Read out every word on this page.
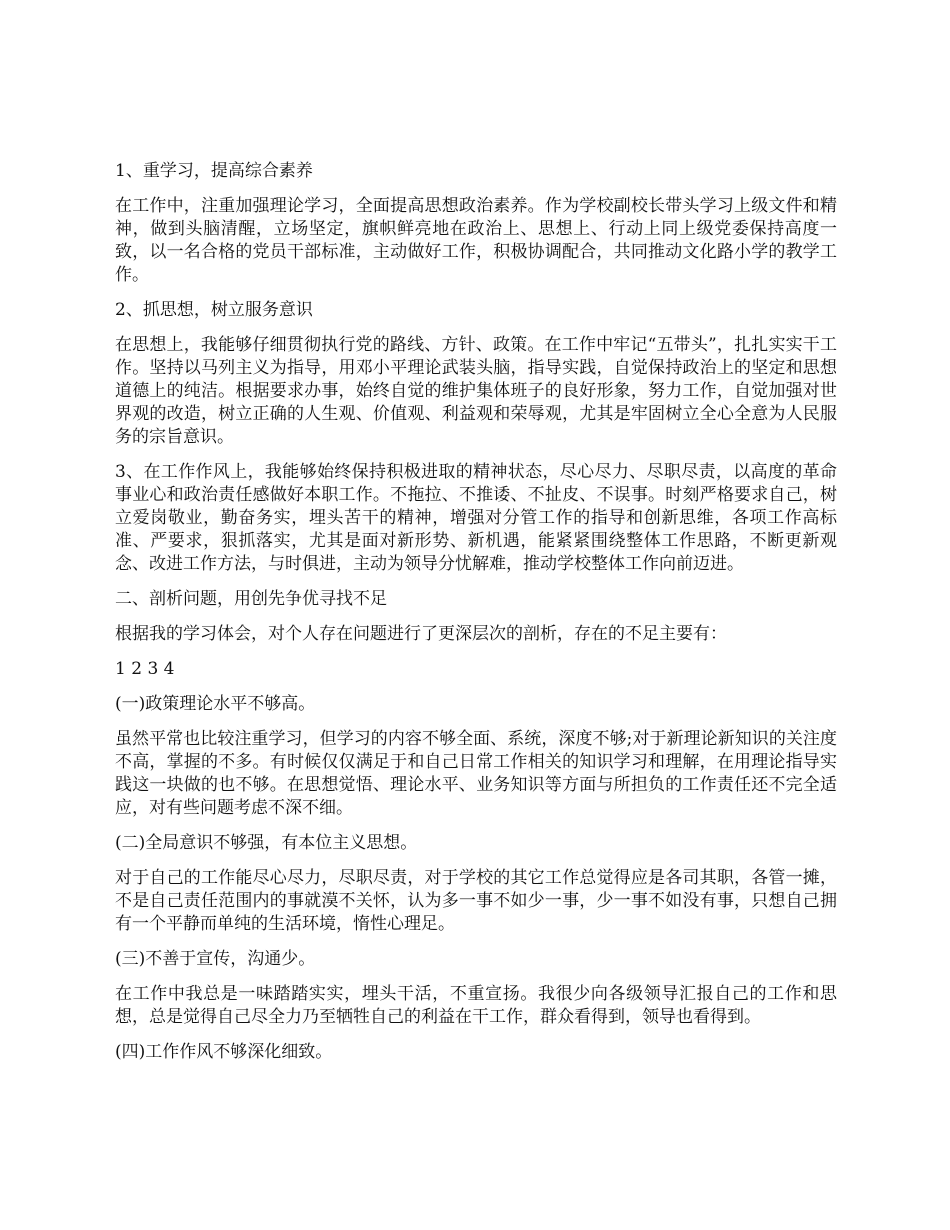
1、重学习，提高综合素养

在工作中，注重加强理论学习，全面提高思想政治素养。作为学校副校长带头学习上级文件和精神，做到头脑清醒，立场坚定，旗帜鲜亮地在政治上、思想上、行动上同上级党委保持高度一致，以一名合格的党员干部标准，主动做好工作，积极协调配合，共同推动文化路小学的教学工作。

2、抓思想，树立服务意识

在思想上，我能够仔细贯彻执行党的路线、方针、政策。在工作中牢记“五带头”，扎扎实实干工作。坚持以马列主义为指导，用邓小平理论武装头脑，指导实践，自觉保持政治上的坚定和思想道德上的纯洁。根据要求办事，始终自觉的维护集体班子的良好形象，努力工作，自觉加强对世界观的改造，树立正确的人生观、价值观、利益观和荣辱观，尤其是牢固树立全心全意为人民服务的宗旨意识。

3、在工作作风上，我能够始终保持积极进取的精神状态，尽心尽力、尽职尽责，以高度的革命事业心和政治责任感做好本职工作。不拖拉、不推诿、不扯皮、不误事。时刻严格要求自己，树立爱岗敬业，勤奋务实，埋头苦干的精神，增强对分管工作的指导和创新思维，各项工作高标准、严要求，狠抓落实，尤其是面对新形势、新机遇，能紧紧围绕整体工作思路，不断更新观念、改进工作方法，与时俱进，主动为领导分忧解难，推动学校整体工作向前迈进。

二、剖析问题，用创先争优寻找不足

根据我的学习体会，对个人存在问题进行了更深层次的剖析，存在的不足主要有：

1 2 3 4

(一)政策理论水平不够高。

虽然平常也比较注重学习，但学习的内容不够全面、系统，深度不够;对于新理论新知识的关注度不高，掌握的不多。有时候仅仅满足于和自己日常工作相关的知识学习和理解，在用理论指导实践这一块做的也不够。在思想觉悟、理论水平、业务知识等方面与所担负的工作责任还不完全适应，对有些问题考虑不深不细。

(二)全局意识不够强，有本位主义思想。

对于自己的工作能尽心尽力，尽职尽责，对于学校的其它工作总觉得应是各司其职，各管一摊，不是自己责任范围内的事就漠不关怀，认为多一事不如少一事，少一事不如没有事，只想自己拥有一个平静而单纯的生活环境，惰性心理足。

(三)不善于宣传，沟通少。

在工作中我总是一味踏踏实实，埋头干活，不重宣扬。我很少向各级领导汇报自己的工作和思想，总是觉得自己尽全力乃至牺牲自己的利益在干工作，群众看得到，领导也看得到。

(四)工作作风不够深化细致。
